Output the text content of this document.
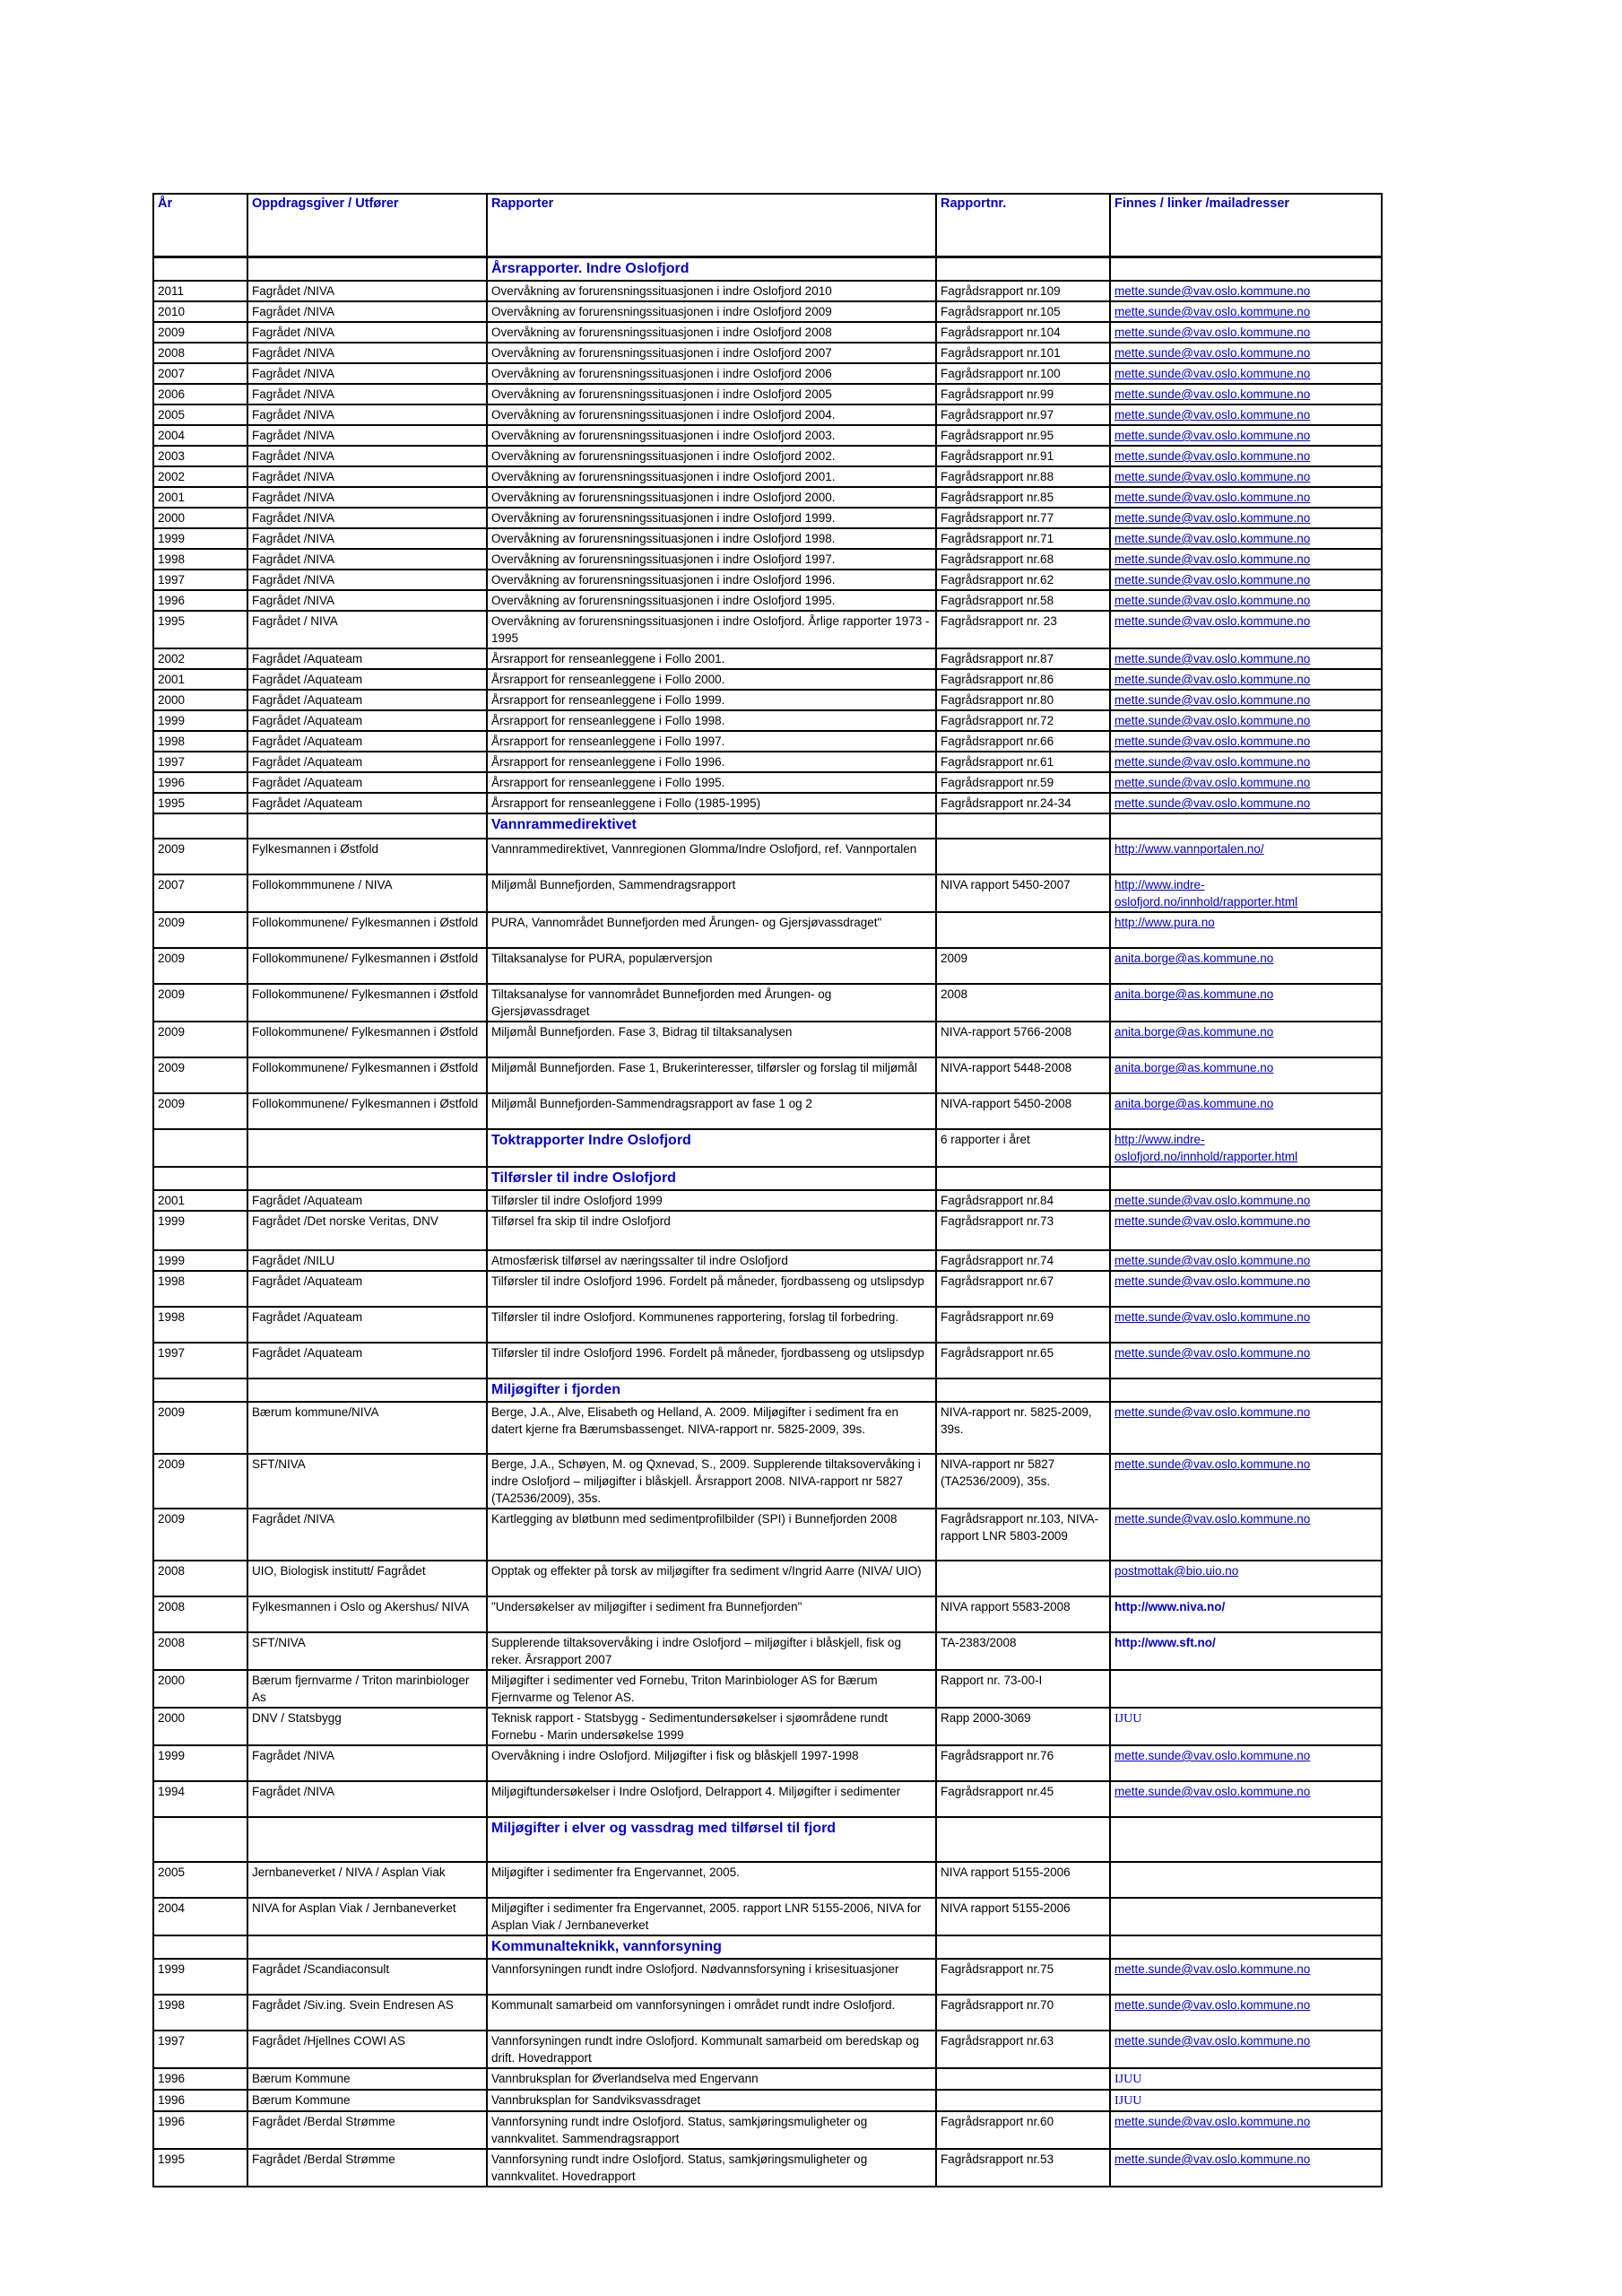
År	Oppdragsgiver / Utfører	Rapporter	Rapportnr.	Finnes / linker /mailadresser
		Årsrapporter. Indre Oslofjord		
2011	Fagrådet /NIVA	Overvåkning av forurensningssituasjonen i indre Oslofjord 2010	Fagrådsrapport nr.109	mette.sunde@vav.oslo.kommune.no
2010	Fagrådet /NIVA	Overvåkning av forurensningssituasjonen i indre Oslofjord 2009	Fagrådsrapport nr.105	mette.sunde@vav.oslo.kommune.no
2009	Fagrådet /NIVA	Overvåkning av forurensningssituasjonen i indre Oslofjord 2008	Fagrådsrapport nr.104	mette.sunde@vav.oslo.kommune.no
2008	Fagrådet /NIVA	Overvåkning av forurensningssituasjonen i indre Oslofjord 2007	Fagrådsrapport nr.101	mette.sunde@vav.oslo.kommune.no
2007	Fagrådet /NIVA	Overvåkning av forurensningssituasjonen i indre Oslofjord 2006	Fagrådsrapport nr.100	mette.sunde@vav.oslo.kommune.no
2006	Fagrådet /NIVA	Overvåkning av forurensningssituasjonen i indre Oslofjord 2005	Fagrådsrapport nr.99	mette.sunde@vav.oslo.kommune.no
2005	Fagrådet /NIVA	Overvåkning av forurensningssituasjonen i indre Oslofjord 2004.	Fagrådsrapport nr.97	mette.sunde@vav.oslo.kommune.no
2004	Fagrådet /NIVA	Overvåkning av forurensningssituasjonen i indre Oslofjord 2003.	Fagrådsrapport nr.95	mette.sunde@vav.oslo.kommune.no
2003	Fagrådet /NIVA	Overvåkning av forurensningssituasjonen i indre Oslofjord 2002.	Fagrådsrapport nr.91	mette.sunde@vav.oslo.kommune.no
2002	Fagrådet /NIVA	Overvåkning av forurensningssituasjonen i indre Oslofjord 2001.	Fagrådsrapport nr.88	mette.sunde@vav.oslo.kommune.no
2001	Fagrådet /NIVA	Overvåkning av forurensningssituasjonen i indre Oslofjord 2000.	Fagrådsrapport nr.85	mette.sunde@vav.oslo.kommune.no
2000	Fagrådet /NIVA	Overvåkning av forurensningssituasjonen i indre Oslofjord 1999.	Fagrådsrapport nr.77	mette.sunde@vav.oslo.kommune.no
1999	Fagrådet /NIVA	Overvåkning av forurensningssituasjonen i indre Oslofjord 1998.	Fagrådsrapport nr.71	mette.sunde@vav.oslo.kommune.no
1998	Fagrådet /NIVA	Overvåkning av forurensningssituasjonen i indre Oslofjord 1997.	Fagrådsrapport nr.68	mette.sunde@vav.oslo.kommune.no
1997	Fagrådet /NIVA	Overvåkning av forurensningssituasjonen i indre Oslofjord 1996.	Fagrådsrapport nr.62	mette.sunde@vav.oslo.kommune.no
1996	Fagrådet /NIVA	Overvåkning av forurensningssituasjonen i indre Oslofjord 1995.	Fagrådsrapport nr.58	mette.sunde@vav.oslo.kommune.no
1995	Fagrådet / NIVA	Overvåkning av forurensningssituasjonen i indre Oslofjord. Årlige rapporter 1973 - 1995	Fagrådsrapport nr. 23	mette.sunde@vav.oslo.kommune.no
2002	Fagrådet /Aquateam	Årsrapport for renseanleggene i Follo 2001.	Fagrådsrapport nr.87	mette.sunde@vav.oslo.kommune.no
2001	Fagrådet /Aquateam	Årsrapport for renseanleggene i Follo 2000.	Fagrådsrapport nr.86	mette.sunde@vav.oslo.kommune.no
2000	Fagrådet /Aquateam	Årsrapport for renseanleggene i Follo 1999.	Fagrådsrapport nr.80	mette.sunde@vav.oslo.kommune.no
1999	Fagrådet /Aquateam	Årsrapport for renseanleggene i Follo 1998.	Fagrådsrapport nr.72	mette.sunde@vav.oslo.kommune.no
1998	Fagrådet /Aquateam	Årsrapport for renseanleggene i Follo 1997.	Fagrådsrapport nr.66	mette.sunde@vav.oslo.kommune.no
1997	Fagrådet /Aquateam	Årsrapport for renseanleggene i Follo 1996.	Fagrådsrapport nr.61	mette.sunde@vav.oslo.kommune.no
1996	Fagrådet /Aquateam	Årsrapport for renseanleggene i Follo 1995.	Fagrådsrapport nr.59	mette.sunde@vav.oslo.kommune.no
1995	Fagrådet /Aquateam	Årsrapport for renseanleggene i Follo (1985-1995)	Fagrådsrapport nr.24-34	mette.sunde@vav.oslo.kommune.no
		Vannrammedirektivet		
2009	Fylkesmannen i Østfold	Vannrammedirektivet, Vannregionen Glomma/Indre Oslofjord, ref. Vannportalen		http://www.vannportalen.no/
2007	Follokommmunene / NIVA	Miljømål Bunnefjorden, Sammendragsrapport	NIVA rapport 5450-2007	http://www.indre-oslofjord.no/innhold/rapporter.html
2009	Follokommunene/ Fylkesmannen i Østfold	PURA, Vannområdet Bunnefjorden med Årungen- og Gjersjøvassdraget"		http://www.pura.no
2009	Follokommunene/ Fylkesmannen i Østfold	Tiltaksanalyse for PURA, populærversjon	2009	anita.borge@as.kommune.no
2009	Follokommunene/ Fylkesmannen i Østfold	Tiltaksanalyse for vannområdet Bunnefjorden med Årungen- og Gjersjøvassdraget	2008	anita.borge@as.kommune.no
2009	Follokommunene/ Fylkesmannen i Østfold	Miljømål Bunnefjorden. Fase 3, Bidrag til tiltaksanalysen	NIVA-rapport 5766-2008	anita.borge@as.kommune.no
2009	Follokommunene/ Fylkesmannen i Østfold	Miljømål Bunnefjorden. Fase 1, Brukerinteresser, tilførsler og forslag til miljømål	NIVA-rapport 5448-2008	anita.borge@as.kommune.no
2009	Follokommunene/ Fylkesmannen i Østfold	Miljømål Bunnefjorden-Sammendragsrapport av fase 1 og 2	NIVA-rapport 5450-2008	anita.borge@as.kommune.no
		Toktrapporter Indre Oslofjord	6 rapporter i året	http://www.indre-oslofjord.no/innhold/rapporter.html
		Tilførsler til indre Oslofjord		
2001	Fagrådet /Aquateam	Tilførsler til indre Oslofjord 1999	Fagrådsrapport nr.84	mette.sunde@vav.oslo.kommune.no
1999	Fagrådet /Det norske Veritas, DNV	Tilførsel fra skip til indre Oslofjord	Fagrådsrapport nr.73	mette.sunde@vav.oslo.kommune.no
1999	Fagrådet /NILU	Atmosfærisk tilførsel av næringssalter til indre Oslofjord	Fagrådsrapport nr.74	mette.sunde@vav.oslo.kommune.no
1998	Fagrådet /Aquateam	Tilførsler til indre Oslofjord 1996. Fordelt på måneder, fjordbasseng og utslipsdyp	Fagrådsrapport nr.67	mette.sunde@vav.oslo.kommune.no
1998	Fagrådet /Aquateam	Tilførsler til indre Oslofjord. Kommunenes rapportering, forslag til forbedring.	Fagrådsrapport nr.69	mette.sunde@vav.oslo.kommune.no
1997	Fagrådet /Aquateam	Tilførsler til indre Oslofjord 1996. Fordelt på måneder, fjordbasseng og utslipsdyp	Fagrådsrapport nr.65	mette.sunde@vav.oslo.kommune.no
		Miljøgifter i fjorden		
2009	Bærum kommune/NIVA	Berge, J.A., Alve, Elisabeth og Helland, A. 2009. Miljøgifter i sediment fra en datert kjerne fra Bærumsbassenget. NIVA-rapport nr. 5825-2009, 39s.	NIVA-rapport nr. 5825-2009, 39s.	mette.sunde@vav.oslo.kommune.no
2009	SFT/NIVA	Berge, J.A., Schøyen, M. og Qxnevad, S., 2009. Supplerende tiltaksovervåking i indre Oslofjord – miljøgifter i blåskjell. Årsrapport 2008. NIVA-rapport nr 5827 (TA2536/2009), 35s.	NIVA-rapport nr 5827 (TA2536/2009), 35s.	mette.sunde@vav.oslo.kommune.no
2009	Fagrådet /NIVA	Kartlegging av bløtbunn med sedimentprofilbilder (SPI) i Bunnefjorden 2008	Fagrådsrapport nr.103, NIVA-rapport LNR 5803-2009	mette.sunde@vav.oslo.kommune.no
2008	UIO, Biologisk institutt/ Fagrådet	Opptak og effekter på torsk av miljøgifter fra sediment v/Ingrid Aarre (NIVA/ UIO)		postmottak@bio.uio.no
2008	Fylkesmannen i Oslo og Akershus/ NIVA	"Undersøkelser av miljøgifter i sediment fra Bunnefjorden"	NIVA rapport 5583-2008	http://www.niva.no/
2008	SFT/NIVA	Supplerende tiltaksovervåking i indre Oslofjord – miljøgifter i blåskjell, fisk og reker. Årsrapport 2007	TA-2383/2008	http://www.sft.no/
2000	Bærum fjernvarme / Triton marinbiologer As	Miljøgifter i sedimenter ved Fornebu, Triton Marinbiologer AS for Bærum Fjernvarme og Telenor AS.	Rapport nr. 73-00-I	
2000	DNV / Statsbygg	Teknisk rapport - Statsbygg - Sedimentundersøkelser i sjøområdene rundt Fornebu - Marin undersøkelse 1999	Rapp 2000-3069	IJUU
1999	Fagrådet /NIVA	Overvåkning i indre Oslofjord. Miljøgifter i fisk og blåskjell 1997-1998	Fagrådsrapport nr.76	mette.sunde@vav.oslo.kommune.no
1994	Fagrådet /NIVA	Miljøgiftundersøkelser i Indre Oslofjord, Delrapport 4. Miljøgifter i sedimenter	Fagrådsrapport nr.45	mette.sunde@vav.oslo.kommune.no
		Miljøgifter i elver og vassdrag med tilførsel til fjord		
2005	Jernbaneverket / NIVA / Asplan Viak	Miljøgifter i sedimenter fra Engervannet, 2005.	NIVA rapport 5155-2006	
2004	NIVA for Asplan Viak / Jernbaneverket	Miljøgifter i sedimenter fra Engervannet, 2005. rapport LNR 5155-2006, NIVA for Asplan Viak / Jernbaneverket	NIVA rapport 5155-2006	
		Kommunalteknikk, vannforsyning		
1999	Fagrådet /Scandiaconsult	Vannforsyningen rundt indre Oslofjord. Nødvannsforsyning i krisesituasjoner	Fagrådsrapport nr.75	mette.sunde@vav.oslo.kommune.no
1998	Fagrådet /Siv.ing. Svein Endresen AS	Kommunalt samarbeid om vannforsyningen i området rundt indre Oslofjord.	Fagrådsrapport nr.70	mette.sunde@vav.oslo.kommune.no
1997	Fagrådet /Hjellnes COWI AS	Vannforsyningen rundt indre Oslofjord. Kommunalt samarbeid om beredskap og drift. Hovedrapport	Fagrådsrapport nr.63	mette.sunde@vav.oslo.kommune.no
1996	Bærum Kommune	Vannbruksplan for Øverlandselva med Engervann		IJUU
1996	Bærum Kommune	Vannbruksplan for Sandviksvassdraget		IJUU
1996	Fagrådet /Berdal Strømme	Vannforsyning rundt indre Oslofjord. Status, samkjøringsmuligheter og vannkvalitet. Sammendragsrapport	Fagrådsrapport nr.60	mette.sunde@vav.oslo.kommune.no
1995	Fagrådet /Berdal Strømme	Vannforsyning rundt indre Oslofjord. Status, samkjøringsmuligheter og vannkvalitet. Hovedrapport	Fagrådsrapport nr.53	mette.sunde@vav.oslo.kommune.no
